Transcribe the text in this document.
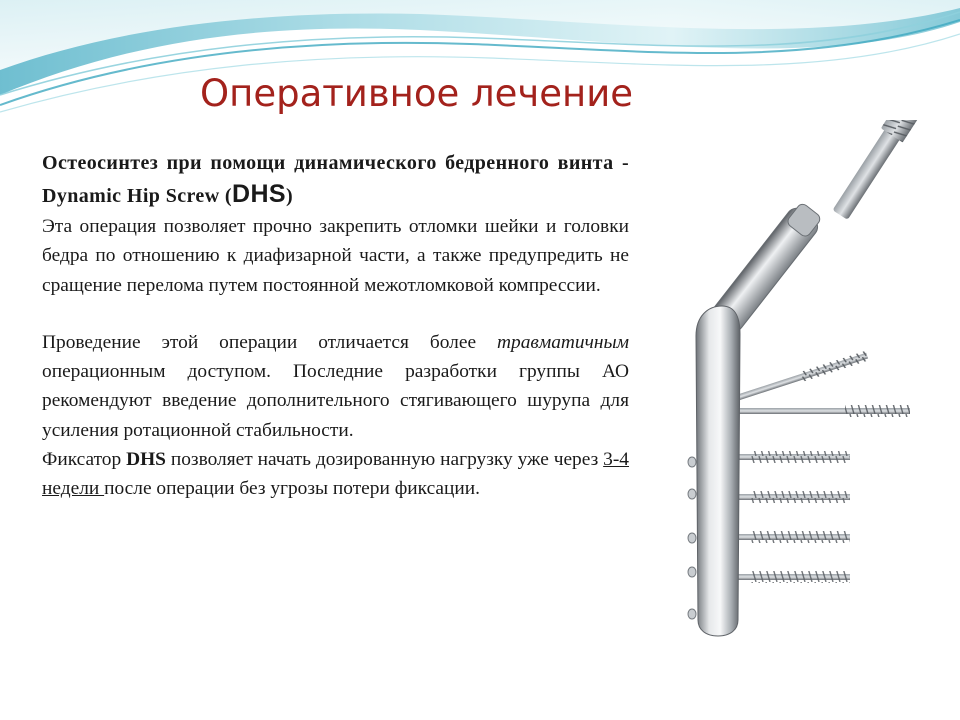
Оперативное лечение

Остеосинтез при помощи динамического бедренного винта - Dynamic Hip Screw (DHS)

Эта операция позволяет прочно закрепить отломки шейки и головки бедра по отношению к диафизарной части, а также предупредить не сращение перелома путем постоянной межотломковой компрессии.

Проведение этой операции отличается более травматичным операционным доступом. Последние разработки группы АО рекомендуют введение дополнительного стягивающего шурупа для усиления ротационной стабильности.

Фиксатор DHS позволяет начать дозированную нагрузку уже через 3-4 недели после операции без угрозы потери фиксации.
